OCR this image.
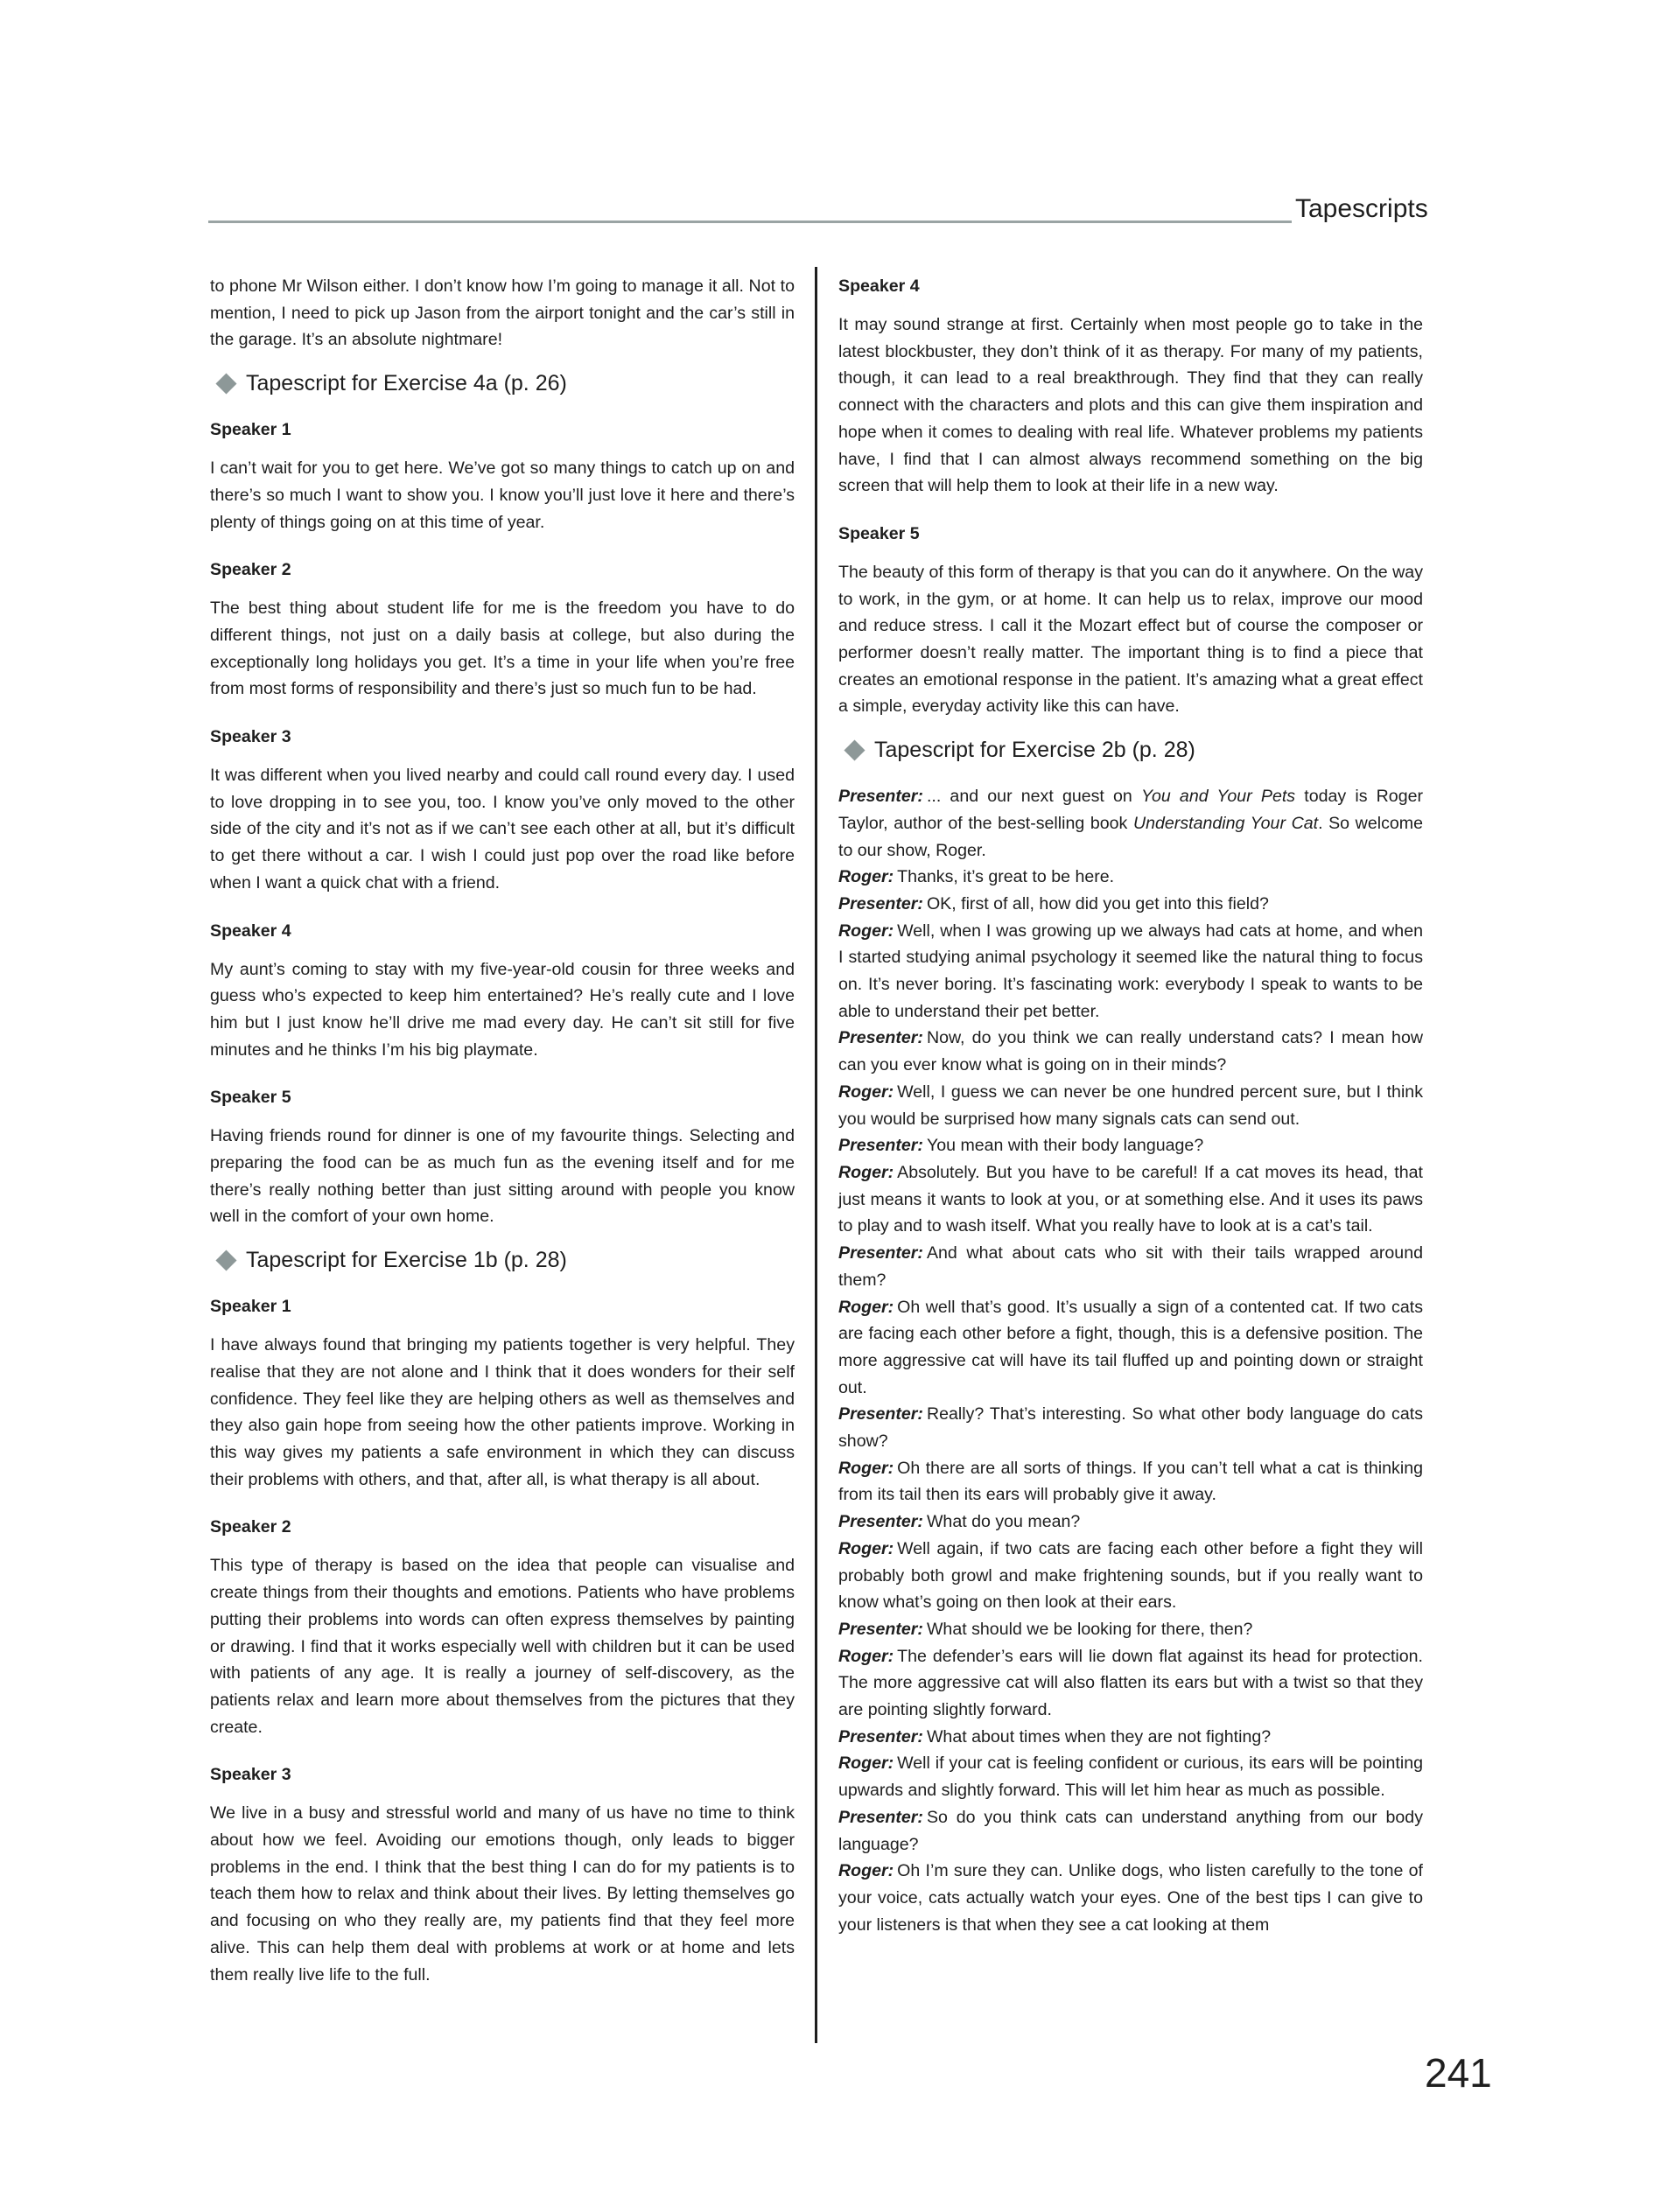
Tapescripts

to phone Mr Wilson either. I don’t know how I’m going to manage it all. Not to mention, I need to pick up Jason from the airport tonight and the car’s still in the garage. It’s an absolute nightmare!

Tapescript for Exercise 4a (p. 26)
Speaker 1

I can’t wait for you to get here. We’ve got so many things to catch up on and there’s so much I want to show you. I know you’ll just love it here and there’s plenty of things going on at this time of year.

Speaker 2

The best thing about student life for me is the freedom you have to do different things, not just on a daily basis at college, but also during the exceptionally long holidays you get. It’s a time in your life when you’re free from most forms of responsibility and there’s just so much fun to be had.

Speaker 3

It was different when you lived nearby and could call round every day. I used to love dropping in to see you, too. I know you’ve only moved to the other side of the city and it’s not as if we can’t see each other at all, but it’s difficult to get there without a car. I wish I could just pop over the road like before when I want a quick chat with a friend.

Speaker 4

My aunt’s coming to stay with my five-year-old cousin for three weeks and guess who’s expected to keep him entertained? He’s really cute and I love him but I just know he’ll drive me mad every day. He can’t sit still for five minutes and he thinks I’m his big playmate.

Speaker 5

Having friends round for dinner is one of my favourite things. Selecting and preparing the food can be as much fun as the evening itself and for me there’s really nothing better than just sitting around with people you know well in the comfort of your own home.

Tapescript for Exercise 1b (p. 28)
Speaker 1

I have always found that bringing my patients together is very helpful. They realise that they are not alone and I think that it does wonders for their self confidence. They feel like they are helping others as well as themselves and they also gain hope from seeing how the other patients improve. Working in this way gives my patients a safe environment in which they can discuss their problems with others, and that, after all, is what therapy is all about.

Speaker 2

This type of therapy is based on the idea that people can visualise and create things from their thoughts and emotions. Patients who have problems putting their problems into words can often express themselves by painting or drawing. I find that it works especially well with children but it can be used with patients of any age. It is really a journey of self-discovery, as the patients relax and learn more about themselves from the pictures that they create.

Speaker 3

We live in a busy and stressful world and many of us have no time to think about how we feel. Avoiding our emotions though, only leads to bigger problems in the end. I think that the best thing I can do for my patients is to teach them how to relax and think about their lives. By letting themselves go and focusing on who they really are, my patients find that they feel more alive. This can help them deal with problems at work or at home and lets them really live life to the full.

Speaker 4

It may sound strange at first. Certainly when most people go to take in the latest blockbuster, they don’t think of it as therapy. For many of my patients, though, it can lead to a real breakthrough. They find that they can really connect with the characters and plots and this can give them inspiration and hope when it comes to dealing with real life. Whatever problems my patients have, I find that I can almost always recommend something on the big screen that will help them to look at their life in a new way.

Speaker 5

The beauty of this form of therapy is that you can do it anywhere. On the way to work, in the gym, or at home. It can help us to relax, improve our mood and reduce stress. I call it the Mozart effect but of course the composer or performer doesn’t really matter. The important thing is to find a piece that creates an emotional response in the patient. It’s amazing what a great effect a simple, everyday activity like this can have.

Tapescript for Exercise 2b (p. 28)

Presenter: ... and our next guest on You and Your Pets today is Roger Taylor, author of the best-selling book Understanding Your Cat. So welcome to our show, Roger.

Roger: Thanks, it’s great to be here.

Presenter: OK, first of all, how did you get into this field?

Roger: Well, when I was growing up we always had cats at home, and when I started studying animal psychology it seemed like the natural thing to focus on. It’s never boring. It’s fascinating work: everybody I speak to wants to be able to understand their pet better.

Presenter: Now, do you think we can really understand cats? I mean how can you ever know what is going on in their minds?

Roger: Well, I guess we can never be one hundred percent sure, but I think you would be surprised how many signals cats can send out.

Presenter: You mean with their body language?

Roger: Absolutely. But you have to be careful! If a cat moves its head, that just means it wants to look at you, or at something else. And it uses its paws to play and to wash itself. What you really have to look at is a cat’s tail.

Presenter: And what about cats who sit with their tails wrapped around them?

Roger: Oh well that’s good. It’s usually a sign of a contented cat. If two cats are facing each other before a fight, though, this is a defensive position. The more aggressive cat will have its tail fluffed up and pointing down or straight out.

Presenter: Really? That’s interesting. So what other body language do cats show?

Roger: Oh there are all sorts of things. If you can’t tell what a cat is thinking from its tail then its ears will probably give it away.

Presenter: What do you mean?

Roger: Well again, if two cats are facing each other before a fight they will probably both growl and make frightening sounds, but if you really want to know what’s going on then look at their ears.

Presenter: What should we be looking for there, then?

Roger: The defender’s ears will lie down flat against its head for protection. The more aggressive cat will also flatten its ears but with a twist so that they are pointing slightly forward.

Presenter: What about times when they are not fighting?

Roger: Well if your cat is feeling confident or curious, its ears will be pointing upwards and slightly forward. This will let him hear as much as possible.

Presenter: So do you think cats can understand anything from our body language?

Roger: Oh I’m sure they can. Unlike dogs, who listen carefully to the tone of your voice, cats actually watch your eyes. One of the best tips I can give to your listeners is that when they see a cat looking at them

241
